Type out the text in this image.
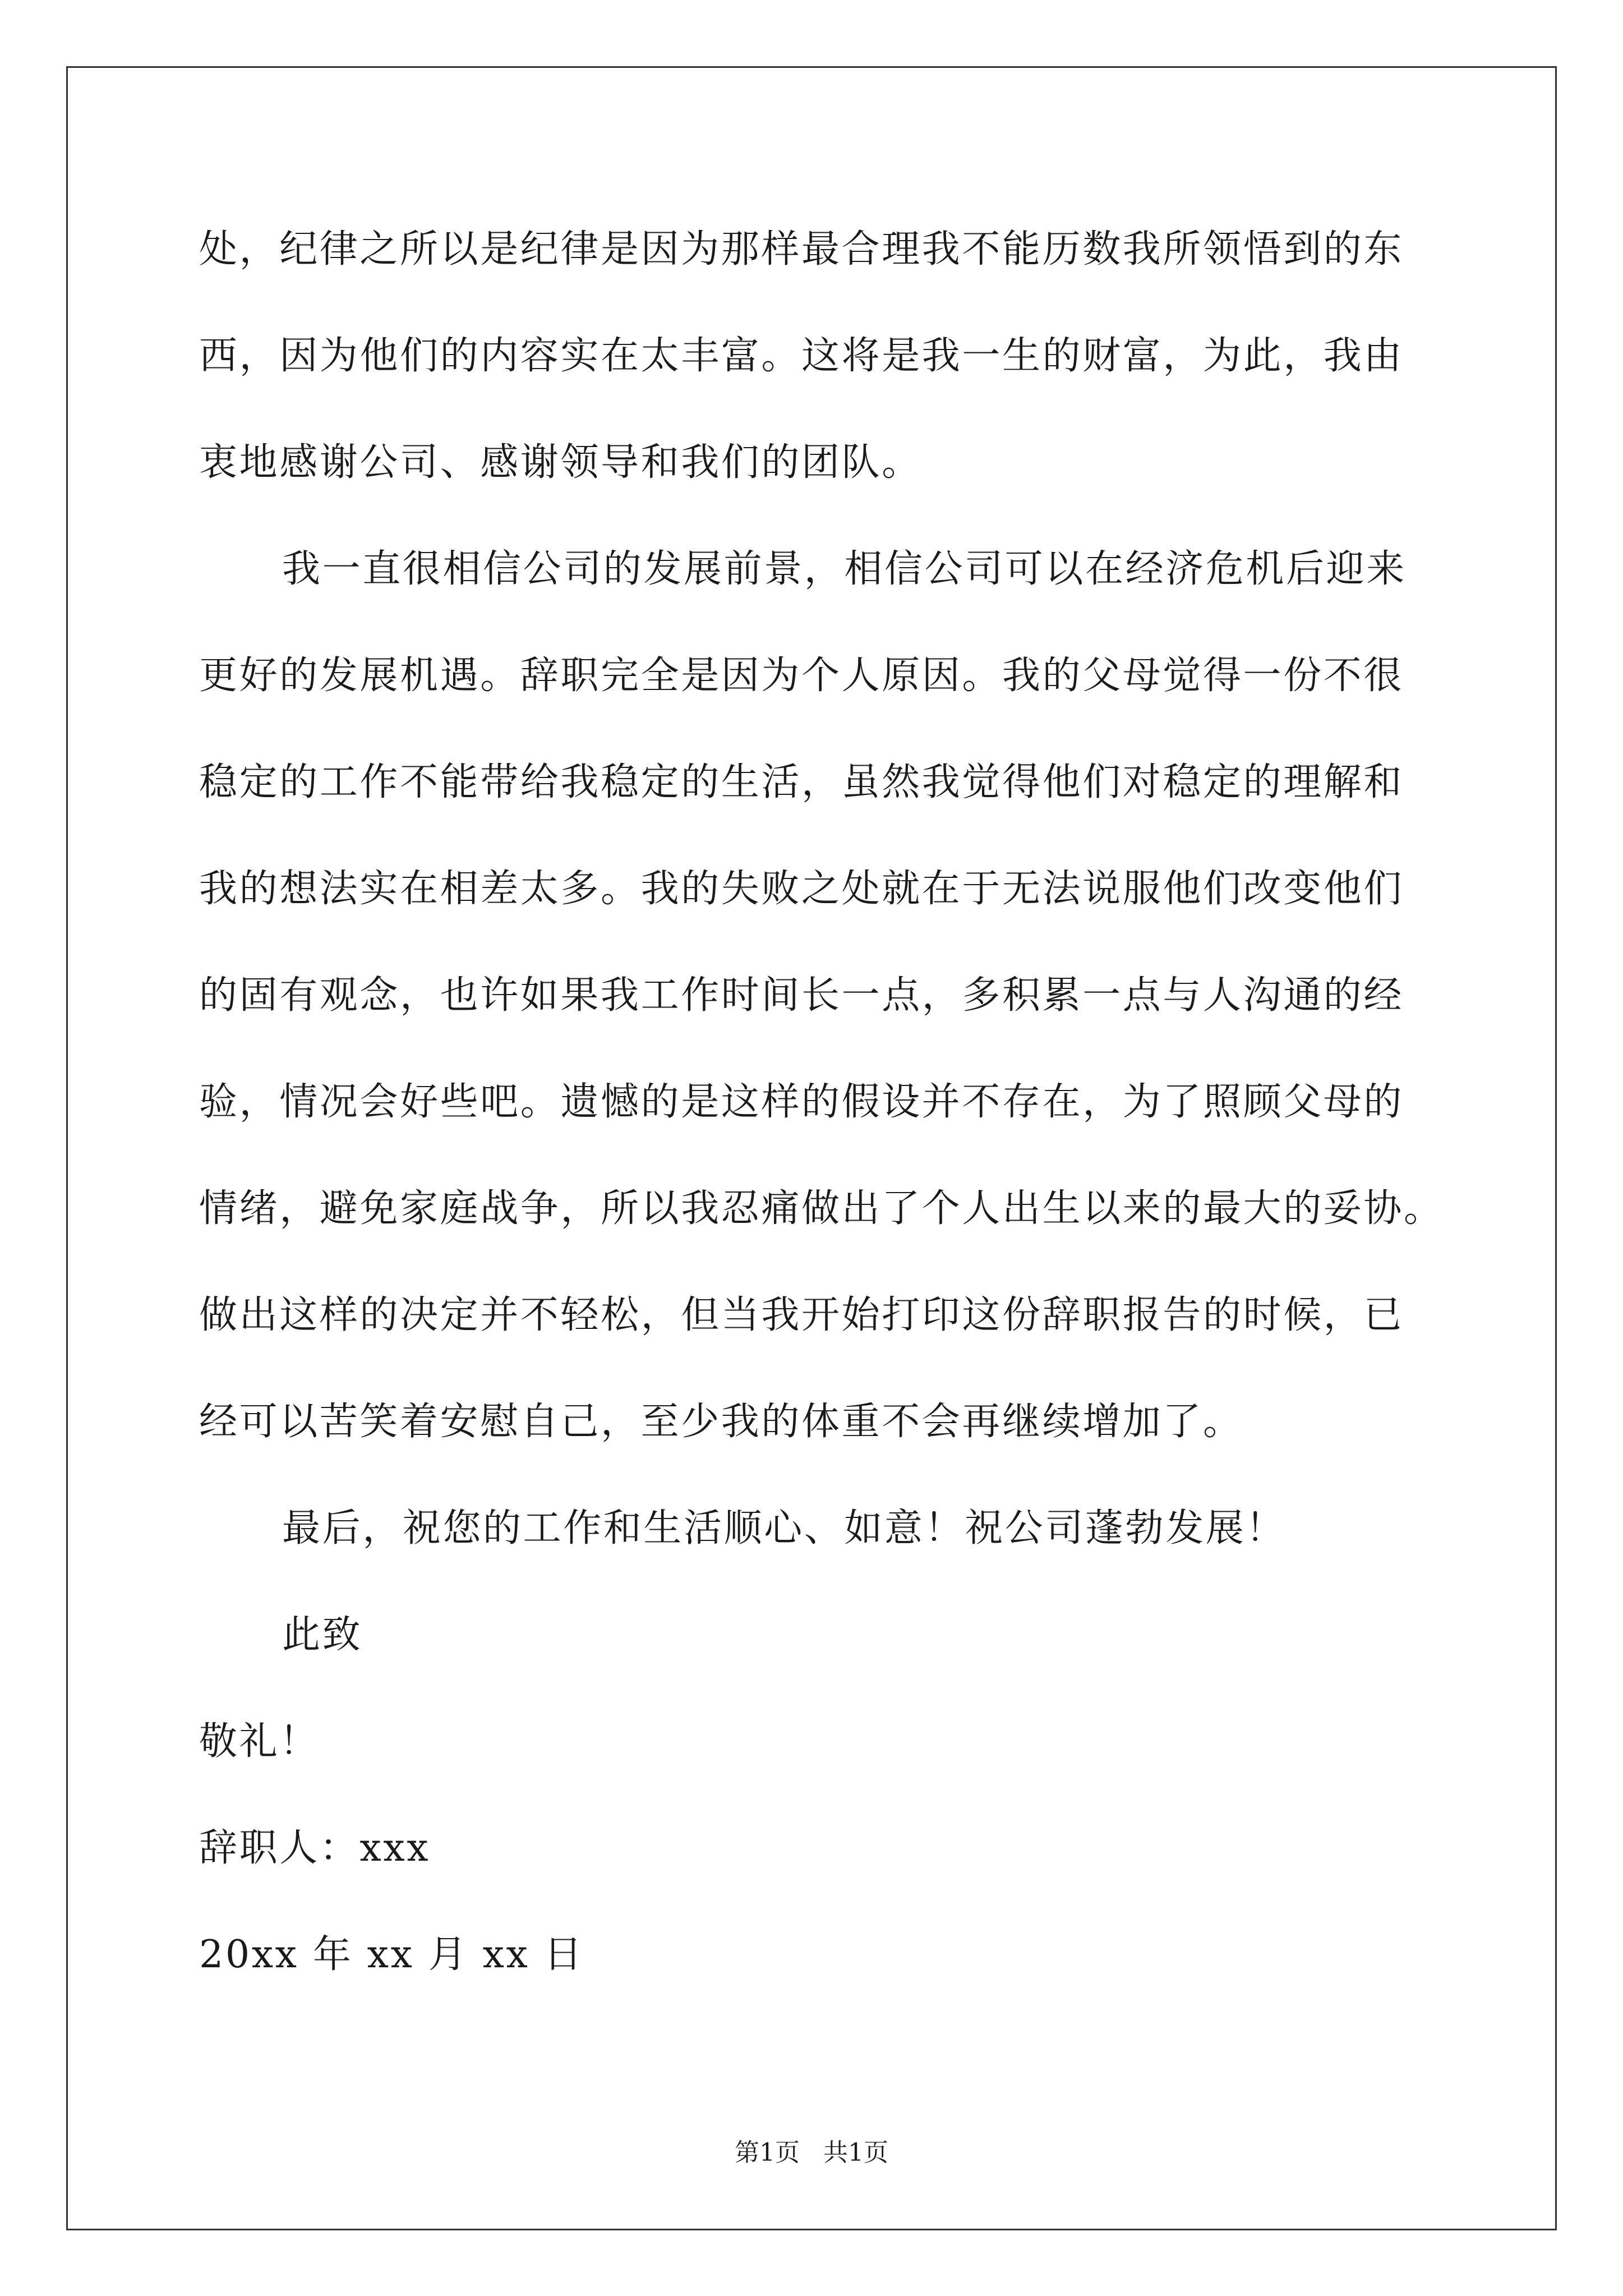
处，纪律之所以是纪律是因为那样最合理我不能历数我所领悟到的东
西，因为他们的内容实在太丰富。这将是我一生的财富，为此，我由
衷地感谢公司、感谢领导和我们的团队。
我一直很相信公司的发展前景，相信公司可以在经济危机后迎来
更好的发展机遇。辞职完全是因为个人原因。我的父母觉得一份不很
稳定的工作不能带给我稳定的生活，虽然我觉得他们对稳定的理解和
我的想法实在相差太多。我的失败之处就在于无法说服他们改变他们
的固有观念，也许如果我工作时间长一点，多积累一点与人沟通的经
验，情况会好些吧。遗憾的是这样的假设并不存在，为了照顾父母的
情绪，避免家庭战争，所以我忍痛做出了个人出生以来的最大的妥协。
做出这样的决定并不轻松，但当我开始打印这份辞职报告的时候，已
经可以苦笑着安慰自己，至少我的体重不会再继续增加了。
最后，祝您的工作和生活顺心、如意！祝公司蓬勃发展！
此致
敬礼！
辞职人：xxx
20xx 年 xx 月 xx 日
第1页   共1页
